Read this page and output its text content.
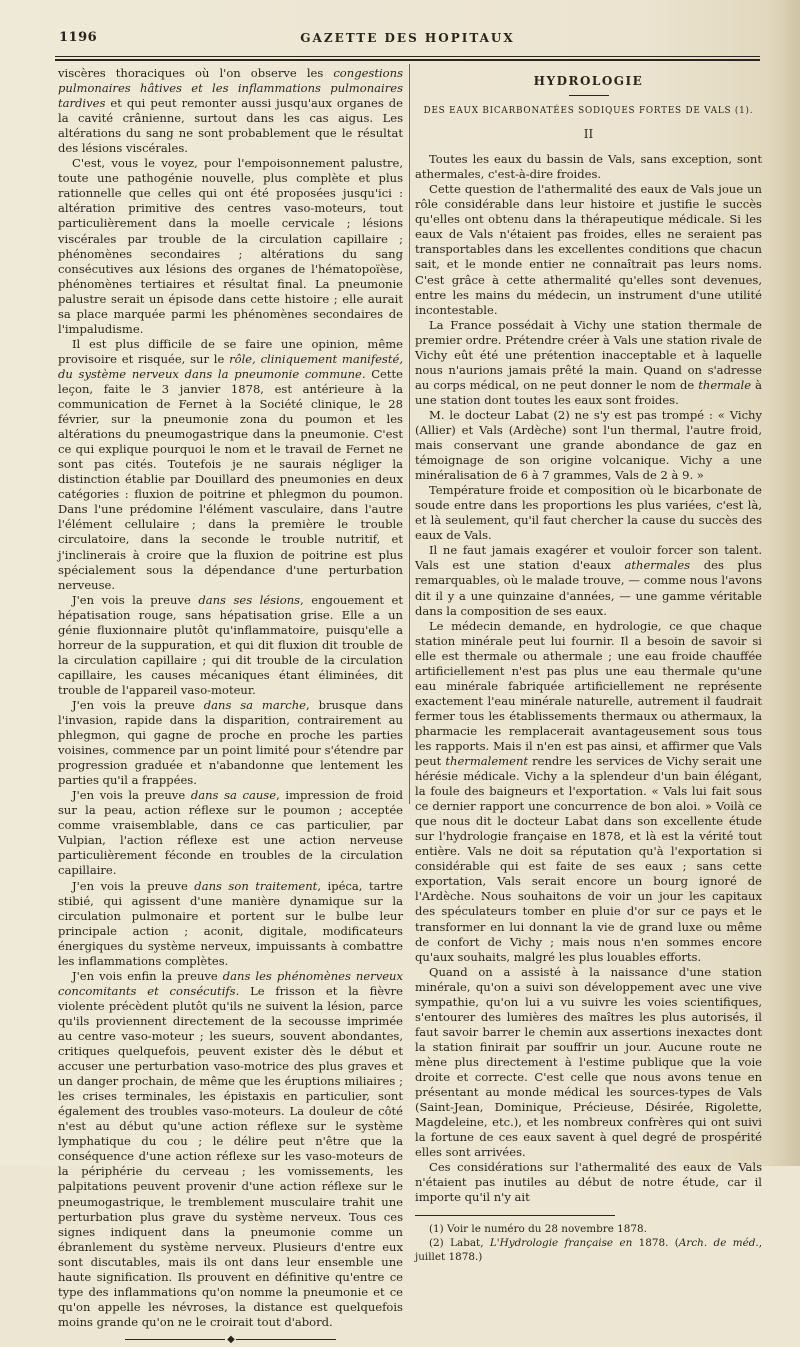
1196	GAZETTE DES HOPITAUX

viscères thoraciques où l'on observe les congestions pulmonaires hâtives et les inflammations pulmonaires tardives et qui peut remonter aussi jusqu'aux organes de la cavité crânienne, surtout dans les cas aigus. Les altérations du sang ne sont probablement que le résultat des lésions viscérales.

C'est, vous le voyez, pour l'empoisonnement palustre, toute une pathogénie nouvelle, plus complète et plus rationnelle que celles qui ont été proposées jusqu'ici : altération primitive des centres vaso-moteurs, tout particulièrement dans la moelle cervicale ; lésions viscérales par trouble de la circulation capillaire ; phénomènes secondaires ; altérations du sang consécutives aux lésions des organes de l'hématopoïèse, phénomènes tertiaires et résultat final. La pneumonie palustre serait un épisode dans cette histoire ; elle aurait sa place marquée parmi les phénomènes secondaires de l'impaludisme.

Il est plus difficile de se faire une opinion, même provisoire et risquée, sur le rôle, cliniquement manifesté, du système nerveux dans la pneumonie commune. Cette leçon, faite le 3 janvier 1878, est antérieure à la communication de Fernet à la Société clinique, le 28 février, sur la pneumonie zona du poumon et les altérations du pneumogastrique dans la pneumonie. C'est ce qui explique pourquoi le nom et le travail de Fernet ne sont pas cités. Toutefois je ne saurais négliger la distinction établie par Douillard des pneumonies en deux catégories : fluxion de poitrine et phlegmon du poumon. Dans l'une prédomine l'élément vasculaire, dans l'autre l'élément cellulaire ; dans la première le trouble circulatoire, dans la seconde le trouble nutritif, et j'inclinerais à croire que la fluxion de poitrine est plus spécialement sous la dépendance d'une perturbation nerveuse.

J'en vois la preuve dans ses lésions, engouement et hépatisation rouge, sans hépatisation grise. Elle a un génie fluxionnaire plutôt qu'inflammatoire, puisqu'elle a horreur de la suppuration, et qui dit fluxion dit trouble de la circulation capillaire ; qui dit trouble de la circulation capillaire, les causes mécaniques étant éliminées, dit trouble de l'appareil vaso-moteur.

J'en vois la preuve dans sa marche, brusque dans l'invasion, rapide dans la disparition, contrairement au phlegmon, qui gagne de proche en proche les parties voisines, commence par un point limité pour s'étendre par progression graduée et n'abandonne que lentement les parties qu'il a frappées.

J'en vois la preuve dans sa cause, impression de froid sur la peau, action réflexe sur le poumon ; acceptée comme vraisemblable, dans ce cas particulier, par Vulpian, l'action réflexe est une action nerveuse particulièrement féconde en troubles de la circulation capillaire.

J'en vois la preuve dans son traitement, ipéca, tartre stibié, qui agissent d'une manière dynamique sur la circulation pulmonaire et portent sur le bulbe leur principale action ; aconit, digitale, modificateurs énergiques du système nerveux, impuissants à combattre les inflammations complètes.

J'en vois enfin la preuve dans les phénomènes nerveux concomitants et consécutifs. Le frisson et la fièvre violente précèdent plutôt qu'ils ne suivent la lésion, parce qu'ils proviennent directement de la secousse imprimée au centre vaso-moteur ; les sueurs, souvent abondantes, critiques quelquefois, peuvent exister dès le début et accuser une perturbation vaso-motrice des plus graves et un danger prochain, de même que les éruptions miliaires ; les crises terminales, les épistaxis en particulier, sont également des troubles vaso-moteurs. La douleur de côté n'est au début qu'une action réflexe sur le système lymphatique du cou ; le délire peut n'être que la conséquence d'une action réflexe sur les vaso-moteurs de la périphérie du cerveau ; les vomissements, les palpitations peuvent provenir d'une action réflexe sur le pneumogastrique, le tremblement musculaire trahit une perturbation plus grave du système nerveux. Tous ces signes indiquent dans la pneumonie comme un ébranlement du système nerveux. Plusieurs d'entre eux sont discutables, mais ils ont dans leur ensemble une haute signification. Ils prouvent en définitive qu'entre ce type des inflammations qu'on nomme la pneumonie et ce qu'on appelle les névroses, la distance est quelquefois moins grande qu'on ne le croirait tout d'abord.

◆
HYDROLOGIE
DES EAUX BICARBONATÉES SODIQUES FORTES DE VALS (1).
II

Toutes les eaux du bassin de Vals, sans exception, sont athermales, c'est-à-dire froides.

Cette question de l'athermalité des eaux de Vals joue un rôle considérable dans leur histoire et justifie le succès qu'elles ont obtenu dans la thérapeutique médicale. Si les eaux de Vals n'étaient pas froides, elles ne seraient pas transportables dans les excellentes conditions que chacun sait, et le monde entier ne connaîtrait pas leurs noms. C'est grâce à cette athermalité qu'elles sont devenues, entre les mains du médecin, un instrument d'une utilité incontestable.

La France possédait à Vichy une station thermale de premier ordre. Prétendre créer à Vals une station rivale de Vichy eût été une prétention inacceptable et à laquelle nous n'aurions jamais prêté la main. Quand on s'adresse au corps médical, on ne peut donner le nom de thermale à une station dont toutes les eaux sont froides.

M. le docteur Labat (2) ne s'y est pas trompé : « Vichy (Allier) et Vals (Ardèche) sont l'un thermal, l'autre froid, mais conservant une grande abondance de gaz en témoignage de son origine volcanique. Vichy a une minéralisation de 6 à 7 grammes, Vals de 2 à 9. »

Température froide et composition où le bicarbonate de soude entre dans les proportions les plus variées, c'est là, et là seulement, qu'il faut chercher la cause du succès des eaux de Vals.

Il ne faut jamais exagérer et vouloir forcer son talent. Vals est une station d'eaux athermales des plus remarquables, où le malade trouve, — comme nous l'avons dit il y a une quinzaine d'années, — une gamme véritable dans la composition de ses eaux.

Le médecin demande, en hydrologie, ce que chaque station minérale peut lui fournir. Il a besoin de savoir si elle est thermale ou athermale ; une eau froide chauffée artificiellement n'est pas plus une eau thermale qu'une eau minérale fabriquée artificiellement ne représente exactement l'eau minérale naturelle, autrement il faudrait fermer tous les établissements thermaux ou athermaux, la pharmacie les remplacerait avantageusement sous tous les rapports. Mais il n'en est pas ainsi, et affirmer que Vals peut thermalement rendre les services de Vichy serait une hérésie médicale. Vichy a la splendeur d'un bain élégant, la foule des baigneurs et l'exportation. « Vals lui fait sous ce dernier rapport une concurrence de bon aloi. » Voilà ce que nous dit le docteur Labat dans son excellente étude sur l'hydrologie française en 1878, et là est la vérité tout entière. Vals ne doit sa réputation qu'à l'exportation si considérable qui est faite de ses eaux ; sans cette exportation, Vals serait encore un bourg ignoré de l'Ardèche. Nous souhaitons de voir un jour les capitaux des spéculateurs tomber en pluie d'or sur ce pays et le transformer en lui donnant la vie de grand luxe ou même de confort de Vichy ; mais nous n'en sommes encore qu'aux souhaits, malgré les plus louables efforts.

Quand on a assisté à la naissance d'une station minérale, qu'on a suivi son développement avec une vive sympathie, qu'on lui a vu suivre les voies scientifiques, s'entourer des lumières des maîtres les plus autorisés, il faut savoir barrer le chemin aux assertions inexactes dont la station finirait par souffrir un jour. Aucune route ne mène plus directement à l'estime publique que la voie droite et correcte. C'est celle que nous avons tenue en présentant au monde médical les sources-types de Vals (Saint-Jean, Dominique, Précieuse, Désirée, Rigolette, Magdeleine, etc.), et les nombreux confrères qui ont suivi la fortune de ces eaux savent à quel degré de prospérité elles sont arrivées.

Ces considérations sur l'athermalité des eaux de Vals n'étaient pas inutiles au début de notre étude, car il importe qu'il n'y ait

(1) Voir le numéro du 28 novembre 1878.

(2) Labat, L'Hydrologie française en 1878. (Arch. de méd., juillet 1878.)
